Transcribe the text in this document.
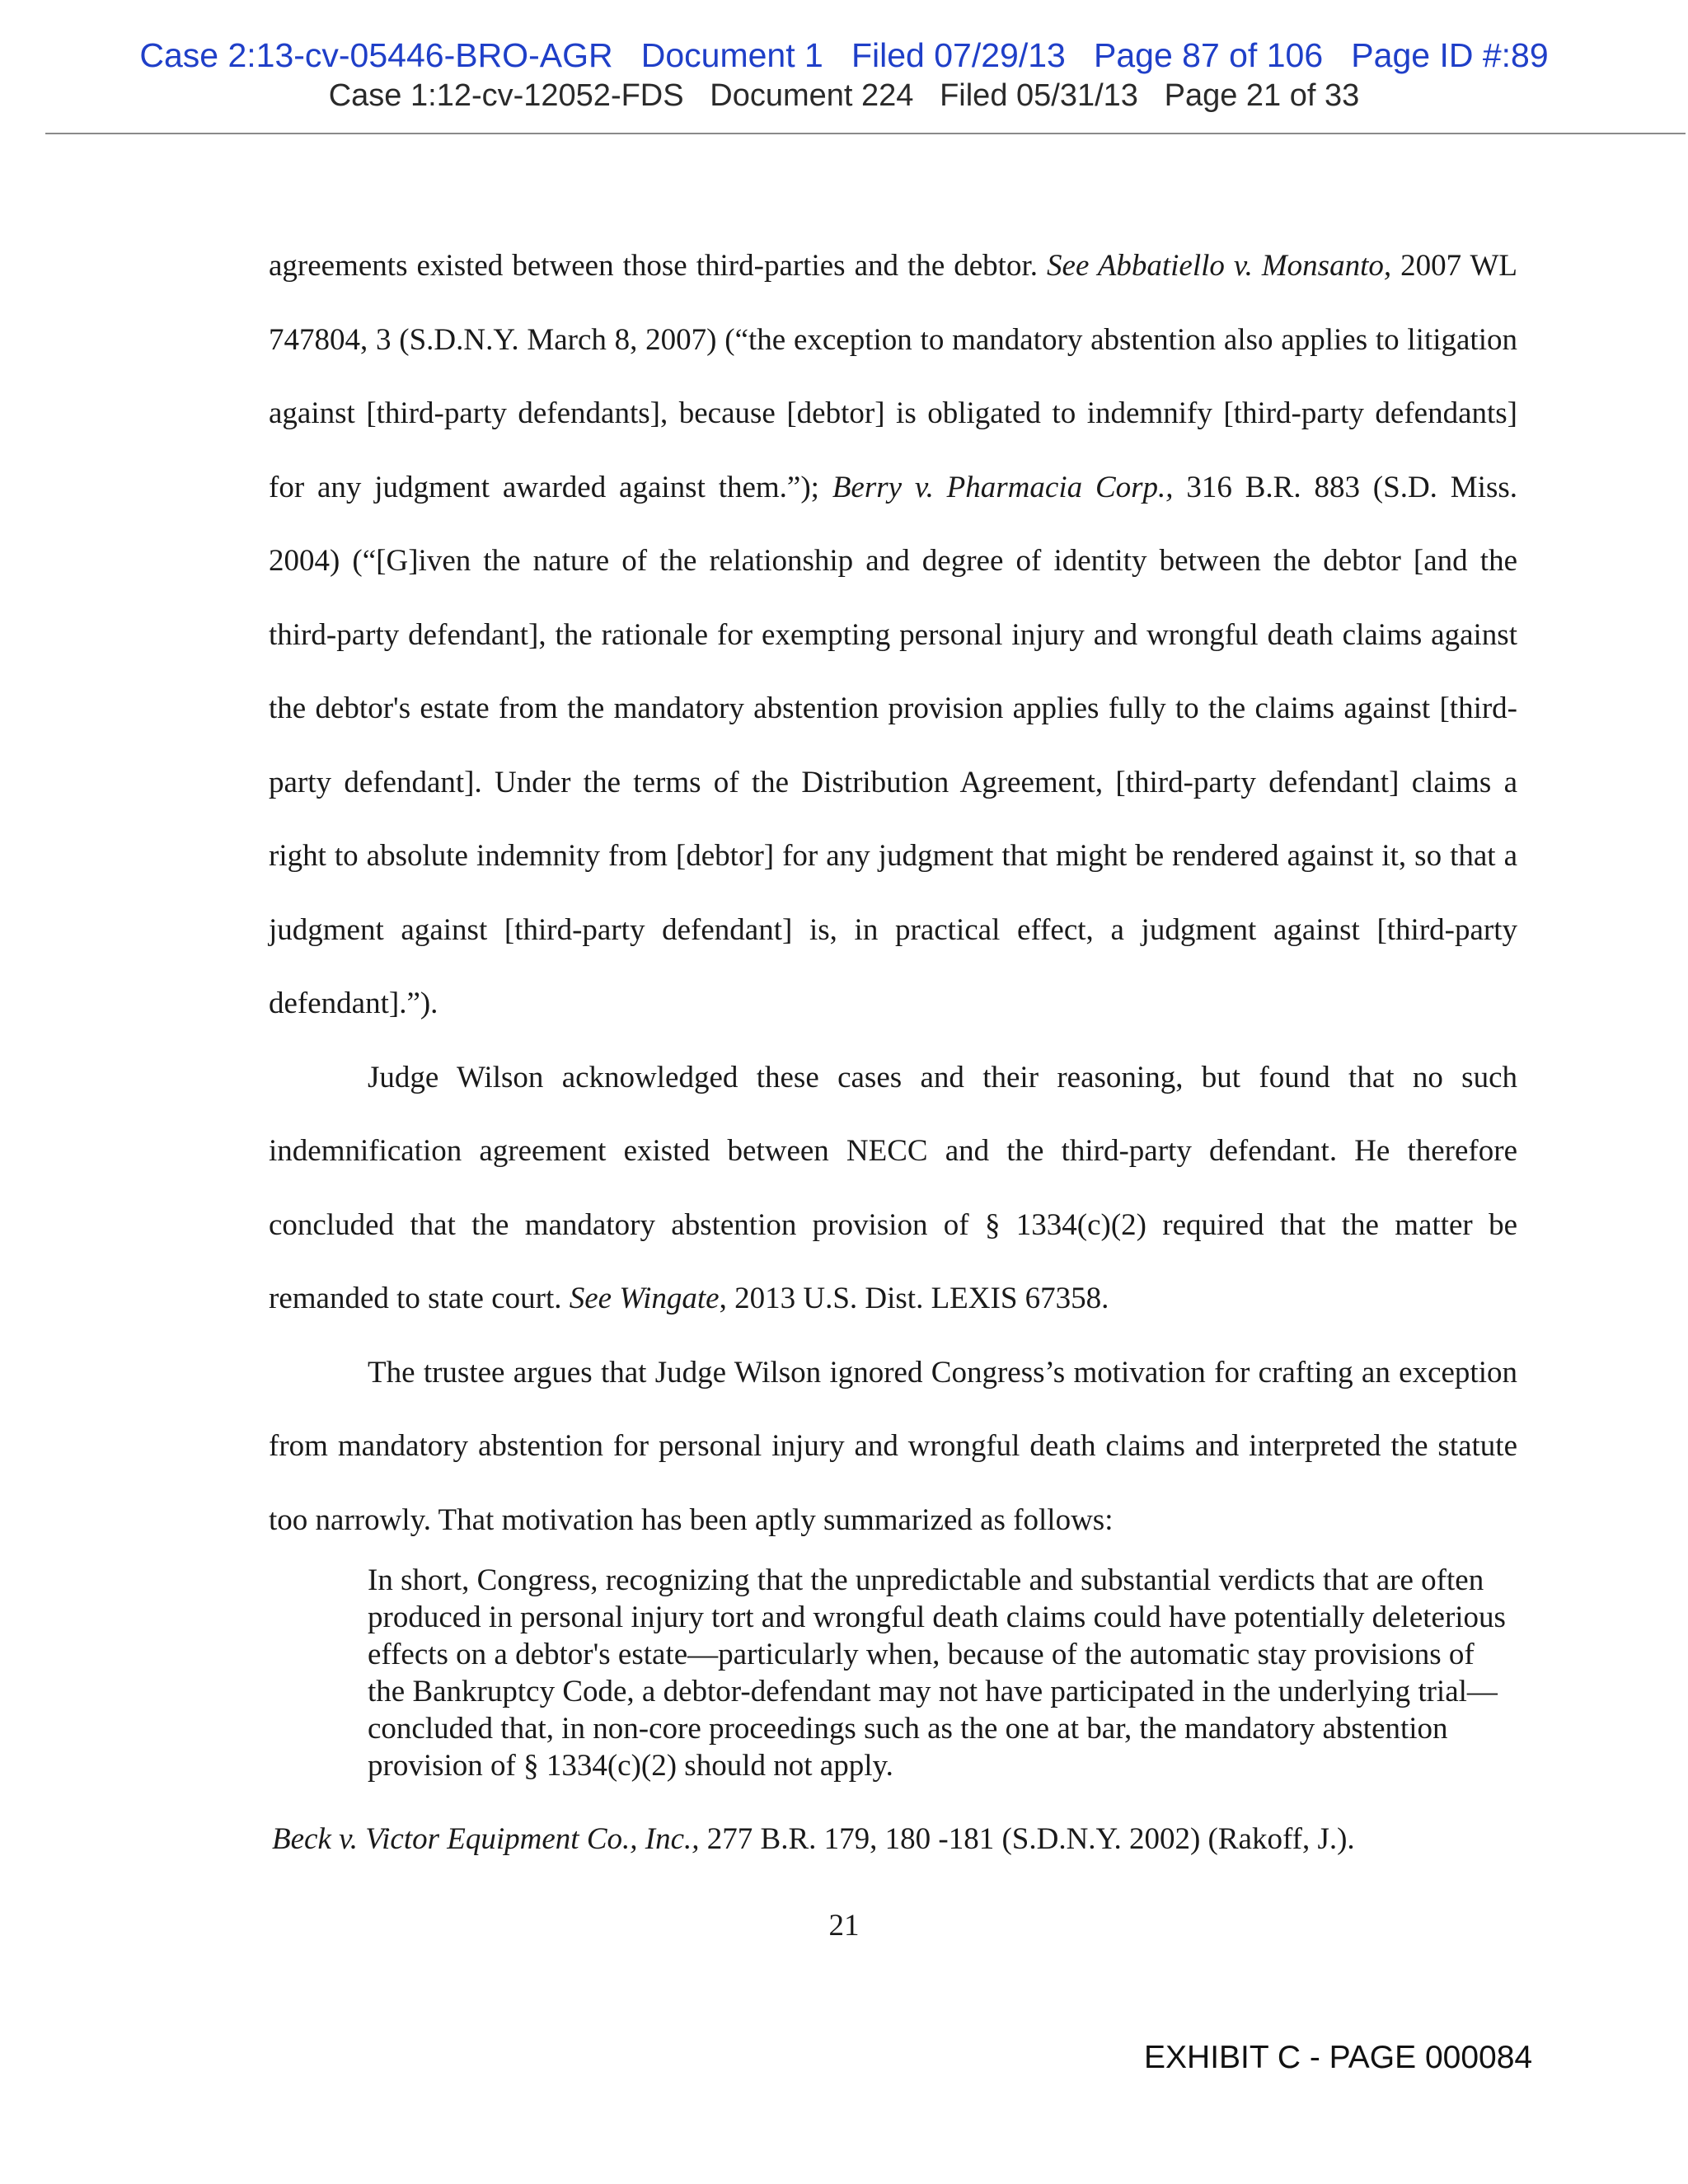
Case 2:13-cv-05446-BRO-AGR   Document 1   Filed 07/29/13   Page 87 of 106   Page ID #:89
Case 1:12-cv-12052-FDS   Document 224   Filed 05/31/13   Page 21 of 33

agreements existed between those third-parties and the debtor. See Abbatiello v. Monsanto, 2007 WL 747804, 3 (S.D.N.Y. March 8, 2007) (“the exception to mandatory abstention also applies to litigation against [third-party defendants], because [debtor] is obligated to indemnify [third-party defendants] for any judgment awarded against them.”); Berry v. Pharmacia Corp., 316 B.R. 883 (S.D. Miss. 2004) (“[G]iven the nature of the relationship and degree of identity between the debtor [and the third-party defendant], the rationale for exempting personal injury and wrongful death claims against the debtor's estate from the mandatory abstention provision applies fully to the claims against [third-party defendant]. Under the terms of the Distribution Agreement, [third-party defendant] claims a right to absolute indemnity from [debtor] for any judgment that might be rendered against it, so that a judgment against [third-party defendant] is, in practical effect, a judgment against [third-party defendant].”).

Judge Wilson acknowledged these cases and their reasoning, but found that no such indemnification agreement existed between NECC and the third-party defendant. He therefore concluded that the mandatory abstention provision of § 1334(c)(2) required that the matter be remanded to state court. See Wingate, 2013 U.S. Dist. LEXIS 67358.

The trustee argues that Judge Wilson ignored Congress’s motivation for crafting an exception from mandatory abstention for personal injury and wrongful death claims and interpreted the statute too narrowly. That motivation has been aptly summarized as follows:

In short, Congress, recognizing that the unpredictable and substantial verdicts that are often produced in personal injury tort and wrongful death claims could have potentially deleterious effects on a debtor's estate—particularly when, because of the automatic stay provisions of the Bankruptcy Code, a debtor-defendant may not have participated in the underlying trial—concluded that, in non-core proceedings such as the one at bar, the mandatory abstention provision of § 1334(c)(2) should not apply.
Beck v. Victor Equipment Co., Inc., 277 B.R. 179, 180 -181 (S.D.N.Y. 2002) (Rakoff, J.).
21
EXHIBIT C - PAGE 000084
